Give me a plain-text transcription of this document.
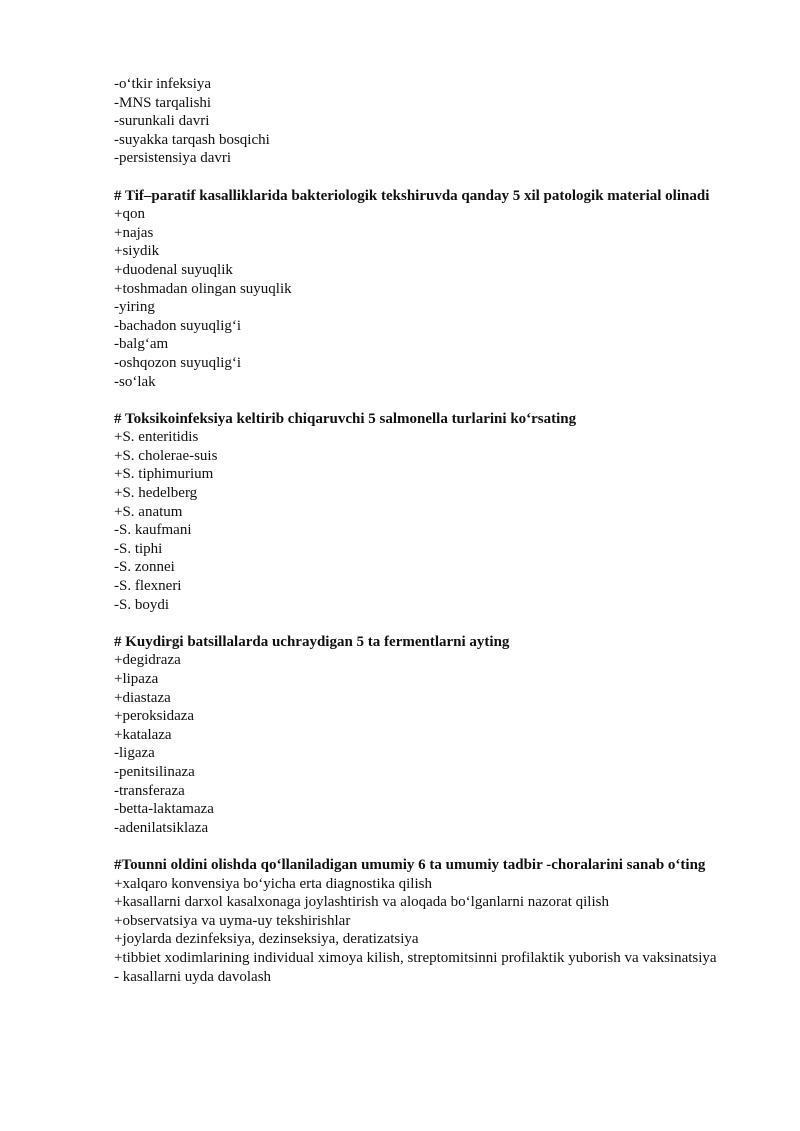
-o‘tkir infeksiya
-MNS tarqalishi
-surunkali davri
-suyakka tarqash bosqichi
-persistensiya davri
# Tif–paratif kasalliklarida bakteriologik tekshiruvda qanday 5 xil patologik material olinadi
+qon
+najas
+siydik
+duodenal suyuqlik
+toshmadan olingan suyuqlik
-yiring
-bachadon suyuqlig‘i
-balg‘am
-oshqozon suyuqlig‘i
-so‘lak
# Toksikoinfeksiya keltirib chiqaruvchi 5 salmonella turlarini ko‘rsating
+S. enteritidis
+S. cholerae-suis
+S. tiphimurium
+S. hedelberg
+S. anatum
-S. kaufmani
-S. tiphi
-S. zonnei
-S. flexneri
-S. boydi
# Kuydirgi batsillalarda uchraydigan 5 ta fermentlarni ayting
+degidraza
+lipaza
+diastaza
+peroksidaza
+katalaza
-ligaza
-penitsilinaza
-transferaza
-betta-laktamaza
-adenilatsiklaza
#Tounni oldini olishda qo‘llaniladigan umumiy 6 ta umumiy tadbir -choralarini sanab o‘ting
+xalqaro konvensiya bo‘yicha erta diagnostika qilish
+kasallarni darxol kasalxonaga joylashtirish va aloqada bo‘lganlarni nazorat qilish
+observatsiya va uyma-uy tekshirishlar
+joylarda dezinfeksiya, dezinseksiya, deratizatsiya
+tibbiet xodimlarining individual ximoya kilish, streptomitsinni profilaktik yuborish va vaksinatsiya
- kasallarni uyda davolash
